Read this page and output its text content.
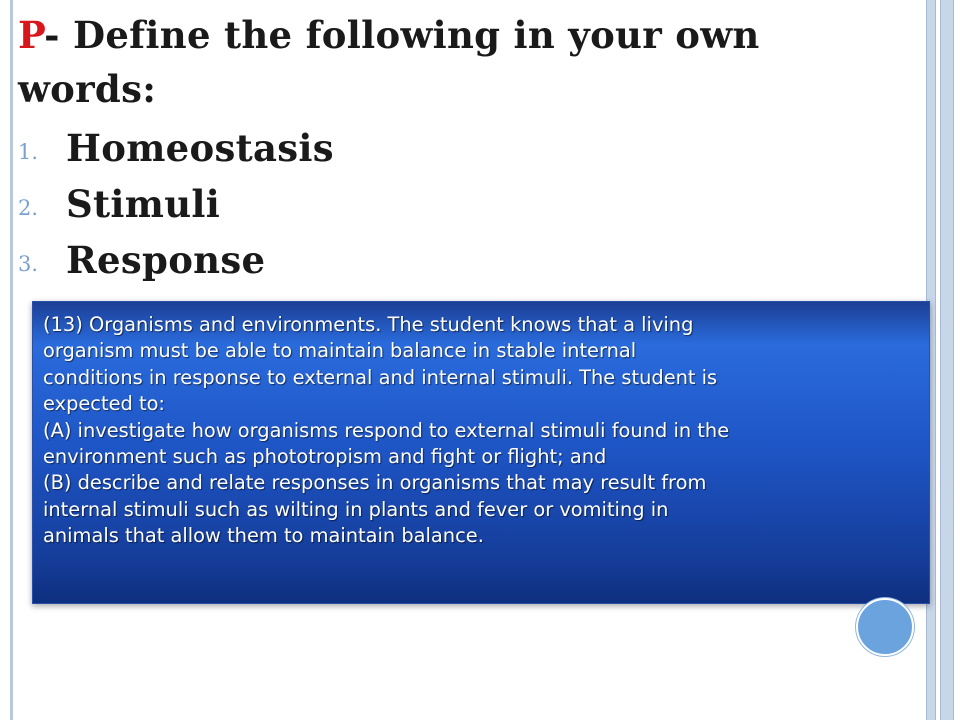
P- Define the following in your own words:
1. Homeostasis
2. Stimuli
3. Response

(13) Organisms and environments. The student knows that a living

organism must be able to maintain balance in stable internal

conditions in response to external and internal stimuli. The student is

expected to:

(A) investigate how organisms respond to external stimuli found in the

environment such as phototropism and fight or flight; and

(B) describe and relate responses in organisms that may result from

internal stimuli such as wilting in plants and fever or vomiting in

animals that allow them to maintain balance.
